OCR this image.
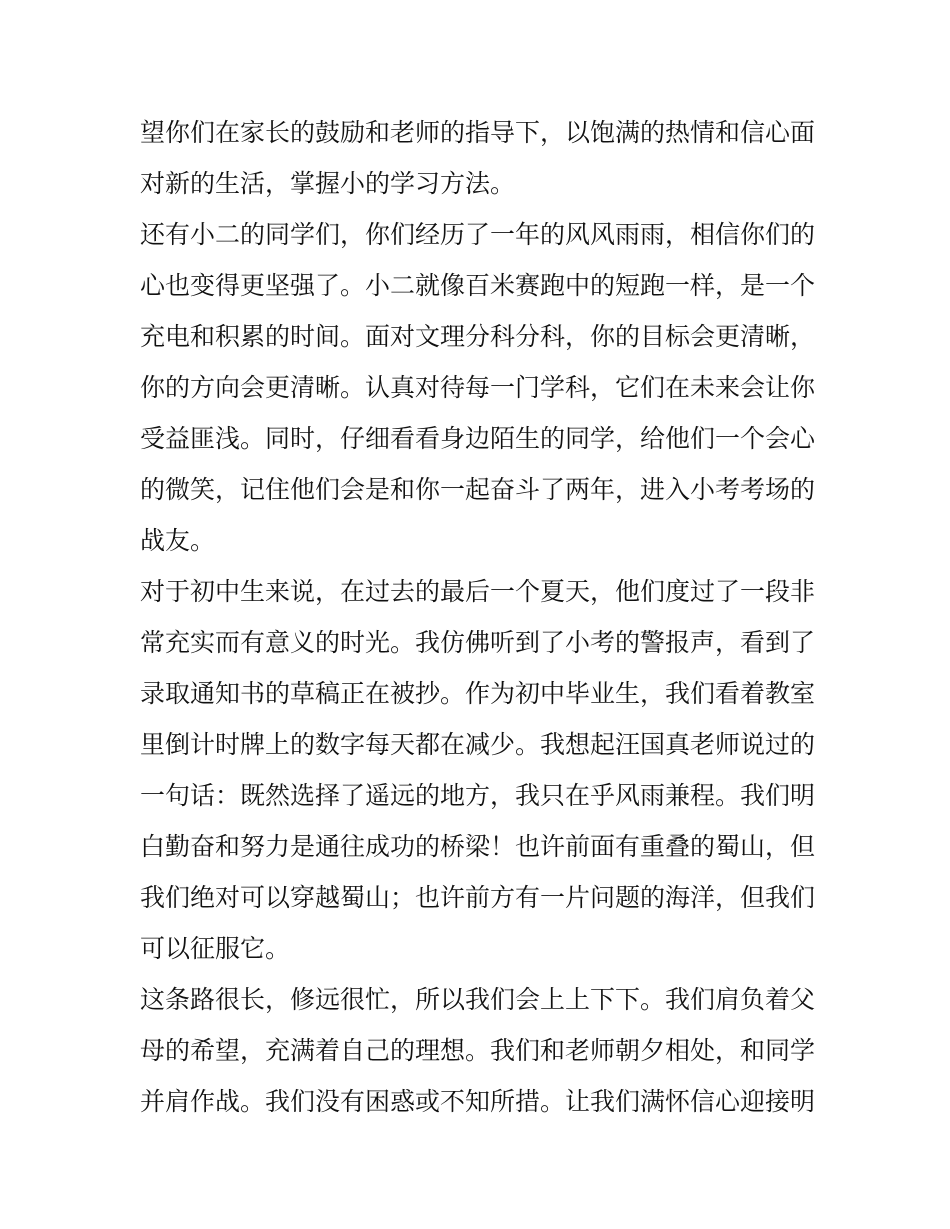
望你们在家长的鼓励和老师的指导下，以饱满的热情和信心面
对新的生活，掌握小的学习方法。
还有小二的同学们，你们经历了一年的风风雨雨，相信你们的
心也变得更坚强了。小二就像百米赛跑中的短跑一样，是一个
充电和积累的时间。面对文理分科分科，你的目标会更清晰，
你的方向会更清晰。认真对待每一门学科，它们在未来会让你
受益匪浅。同时，仔细看看身边陌生的同学，给他们一个会心
的微笑，记住他们会是和你一起奋斗了两年，进入小考考场的
战友。
对于初中生来说，在过去的最后一个夏天，他们度过了一段非
常充实而有意义的时光。我仿佛听到了小考的警报声，看到了
录取通知书的草稿正在被抄。作为初中毕业生，我们看着教室
里倒计时牌上的数字每天都在减少。我想起汪国真老师说过的
一句话：既然选择了遥远的地方，我只在乎风雨兼程。我们明
白勤奋和努力是通往成功的桥梁！也许前面有重叠的蜀山，但
我们绝对可以穿越蜀山；也许前方有一片问题的海洋，但我们
可以征服它。
这条路很长，修远很忙，所以我们会上上下下。我们肩负着父
母的希望，充满着自己的理想。我们和老师朝夕相处，和同学
并肩作战。我们没有困惑或不知所措。让我们满怀信心迎接明
